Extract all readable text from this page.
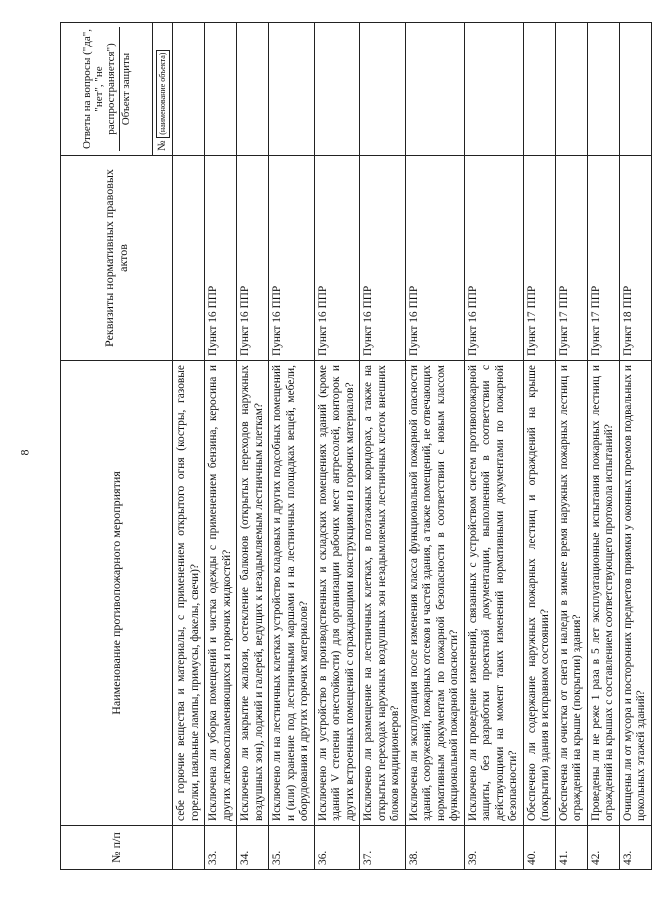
8
№ п/п	Наименование противопожарного мероприятия	Реквизиты нормативных правовых актов	Ответы на вопросы ("да", "нет", "не распространяется") Объект защиты

			№ (наименование объекта)
	себе горючие вещества и материалы, с применением открытого огня (костры, газовые горелки, паяльные лампы, примусы, факелы, свечи)?		
33.	Исключена ли уборка помещений и чистка одежды с применением бензина, керосина и других легковоспламеняющихся и горючих жидкостей?	Пункт 16 ППР	
34.	Исключено ли закрытие жалюзи, остекление балконов (открытых переходов наружных воздушных зон), лоджий и галерей, ведущих к незадымляемым лестничным клеткам?	Пункт 16 ППР	
35.	Исключено ли на лестничных клетках устройство кладовых и других подсобных помещений и (или) хранение под лестничными маршами и на лестничных площадках вещей, мебели, оборудования и других горючих материалов?	Пункт 16 ППР	
36.	Исключено ли устройство в производственных и складских помещениях зданий (кроме зданий V степени огнестойкости) для организации рабочих мест антресолей, конторок и других встроенных помещений с ограждающими конструкциями из горючих материалов?	Пункт 16 ППР	
37.	Исключено ли размещение на лестничных клетках, в поэтажных коридорах, а также на открытых переходах наружных воздушных зон незадымляемых лестничных клеток внешних блоков кондиционеров?	Пункт 16 ППР	
38.	Исключена ли эксплуатация после изменения класса функциональной пожарной опасности зданий, сооружений, пожарных отсеков и частей здания, а также помещений, не отвечающих нормативным документам по пожарной безопасности в соответствии с новым классом функциональной пожарной опасности?	Пункт 16 ППР	
39.	Исключено ли проведение изменений, связанных с устройством систем противопожарной защиты, без разработки проектной документации, выполненной в соответствии с действующими на момент таких изменений нормативными документами по пожарной безопасности?	Пункт 16 ППР	
40.	Обеспечено ли содержание наружных пожарных лестниц и ограждений на крыше (покрытии) здания в исправном состоянии?	Пункт 17 ППР	
41.	Обеспечена ли очистка от снега и наледи в зимнее время наружных пожарных лестниц и ограждений на крыше (покрытии) здания?	Пункт 17 ППР	
42.	Проведены ли не реже 1 раза в 5 лет эксплуатационные испытания пожарных лестниц и ограждений на крышах с составлением соответствующего протокола испытаний?	Пункт 17 ППР	
43.	Очищены ли от мусора и посторонних предметов приямки у оконных проемов подвальных и цокольных этажей зданий?	Пункт 18 ППР	
